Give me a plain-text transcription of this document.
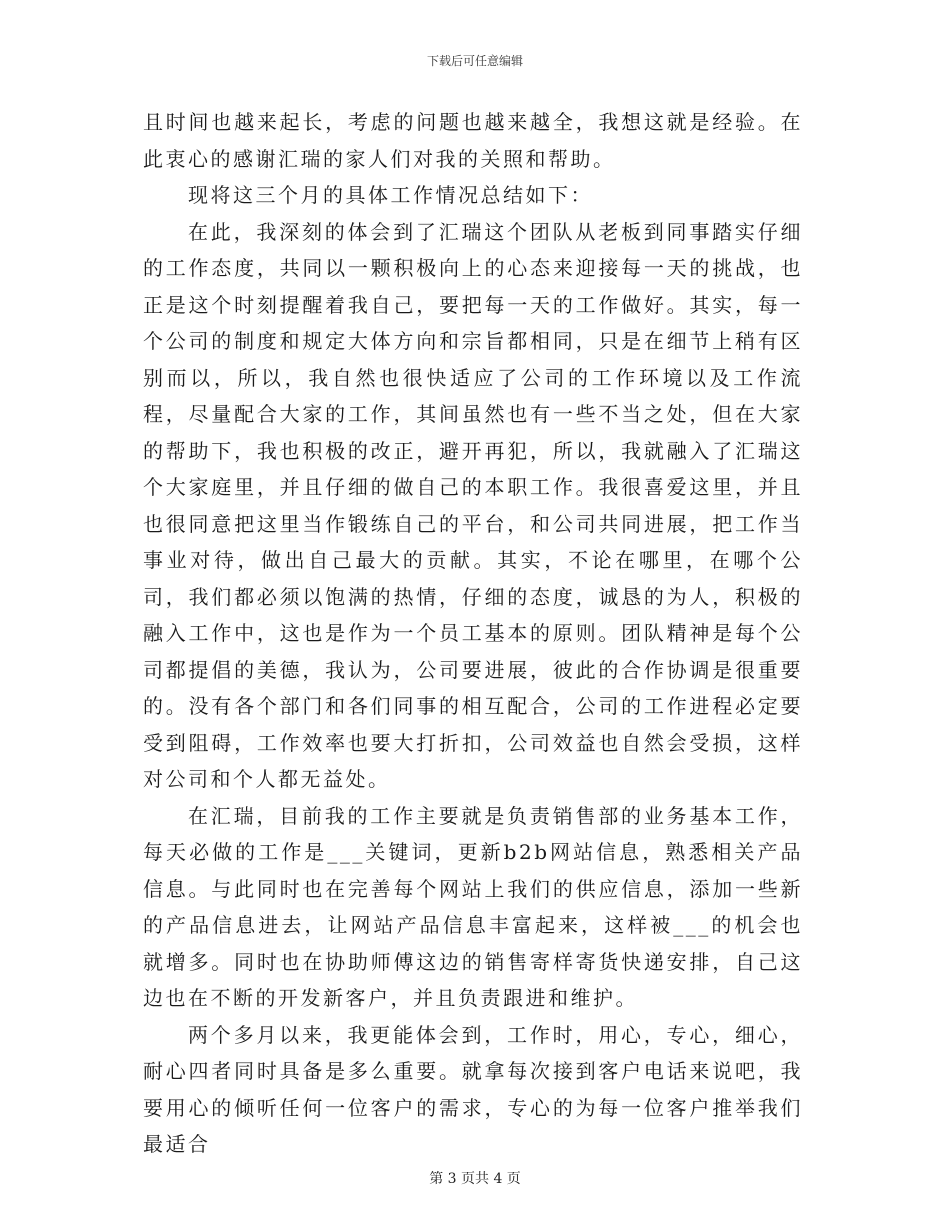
下载后可任意编辑

且时间也越来起长，考虑的问题也越来越全，我想这就是经验。在此衷心的感谢汇瑞的家人们对我的关照和帮助。

现将这三个月的具体工作情况总结如下：

在此，我深刻的体会到了汇瑞这个团队从老板到同事踏实仔细的工作态度，共同以一颗积极向上的心态来迎接每一天的挑战，也正是这个时刻提醒着我自己，要把每一天的工作做好。其实，每一个公司的制度和规定大体方向和宗旨都相同，只是在细节上稍有区别而以，所以，我自然也很快适应了公司的工作环境以及工作流程，尽量配合大家的工作，其间虽然也有一些不当之处，但在大家的帮助下，我也积极的改正，避开再犯，所以，我就融入了汇瑞这个大家庭里，并且仔细的做自己的本职工作。我很喜爱这里，并且也很同意把这里当作锻练自己的平台，和公司共同进展，把工作当事业对待，做出自己最大的贡献。其实，不论在哪里，在哪个公司，我们都必须以饱满的热情，仔细的态度，诚恳的为人，积极的融入工作中，这也是作为一个员工基本的原则。团队精神是每个公司都提倡的美德，我认为，公司要进展，彼此的合作协调是很重要的。没有各个部门和各们同事的相互配合，公司的工作进程必定要受到阻碍，工作效率也要大打折扣，公司效益也自然会受损，这样对公司和个人都无益处。

在汇瑞，目前我的工作主要就是负责销售部的业务基本工作，每天必做的工作是___关键词，更新b2b网站信息，熟悉相关产品信息。与此同时也在完善每个网站上我们的供应信息，添加一些新的产品信息进去，让网站产品信息丰富起来，这样被___的机会也就增多。同时也在协助师傅这边的销售寄样寄货快递安排，自己这边也在不断的开发新客户，并且负责跟进和维护。

两个多月以来，我更能体会到，工作时，用心，专心，细心，耐心四者同时具备是多么重要。就拿每次接到客户电话来说吧，我要用心的倾听任何一位客户的需求，专心的为每一位客户推举我们最适合

第 3 页共 4 页
